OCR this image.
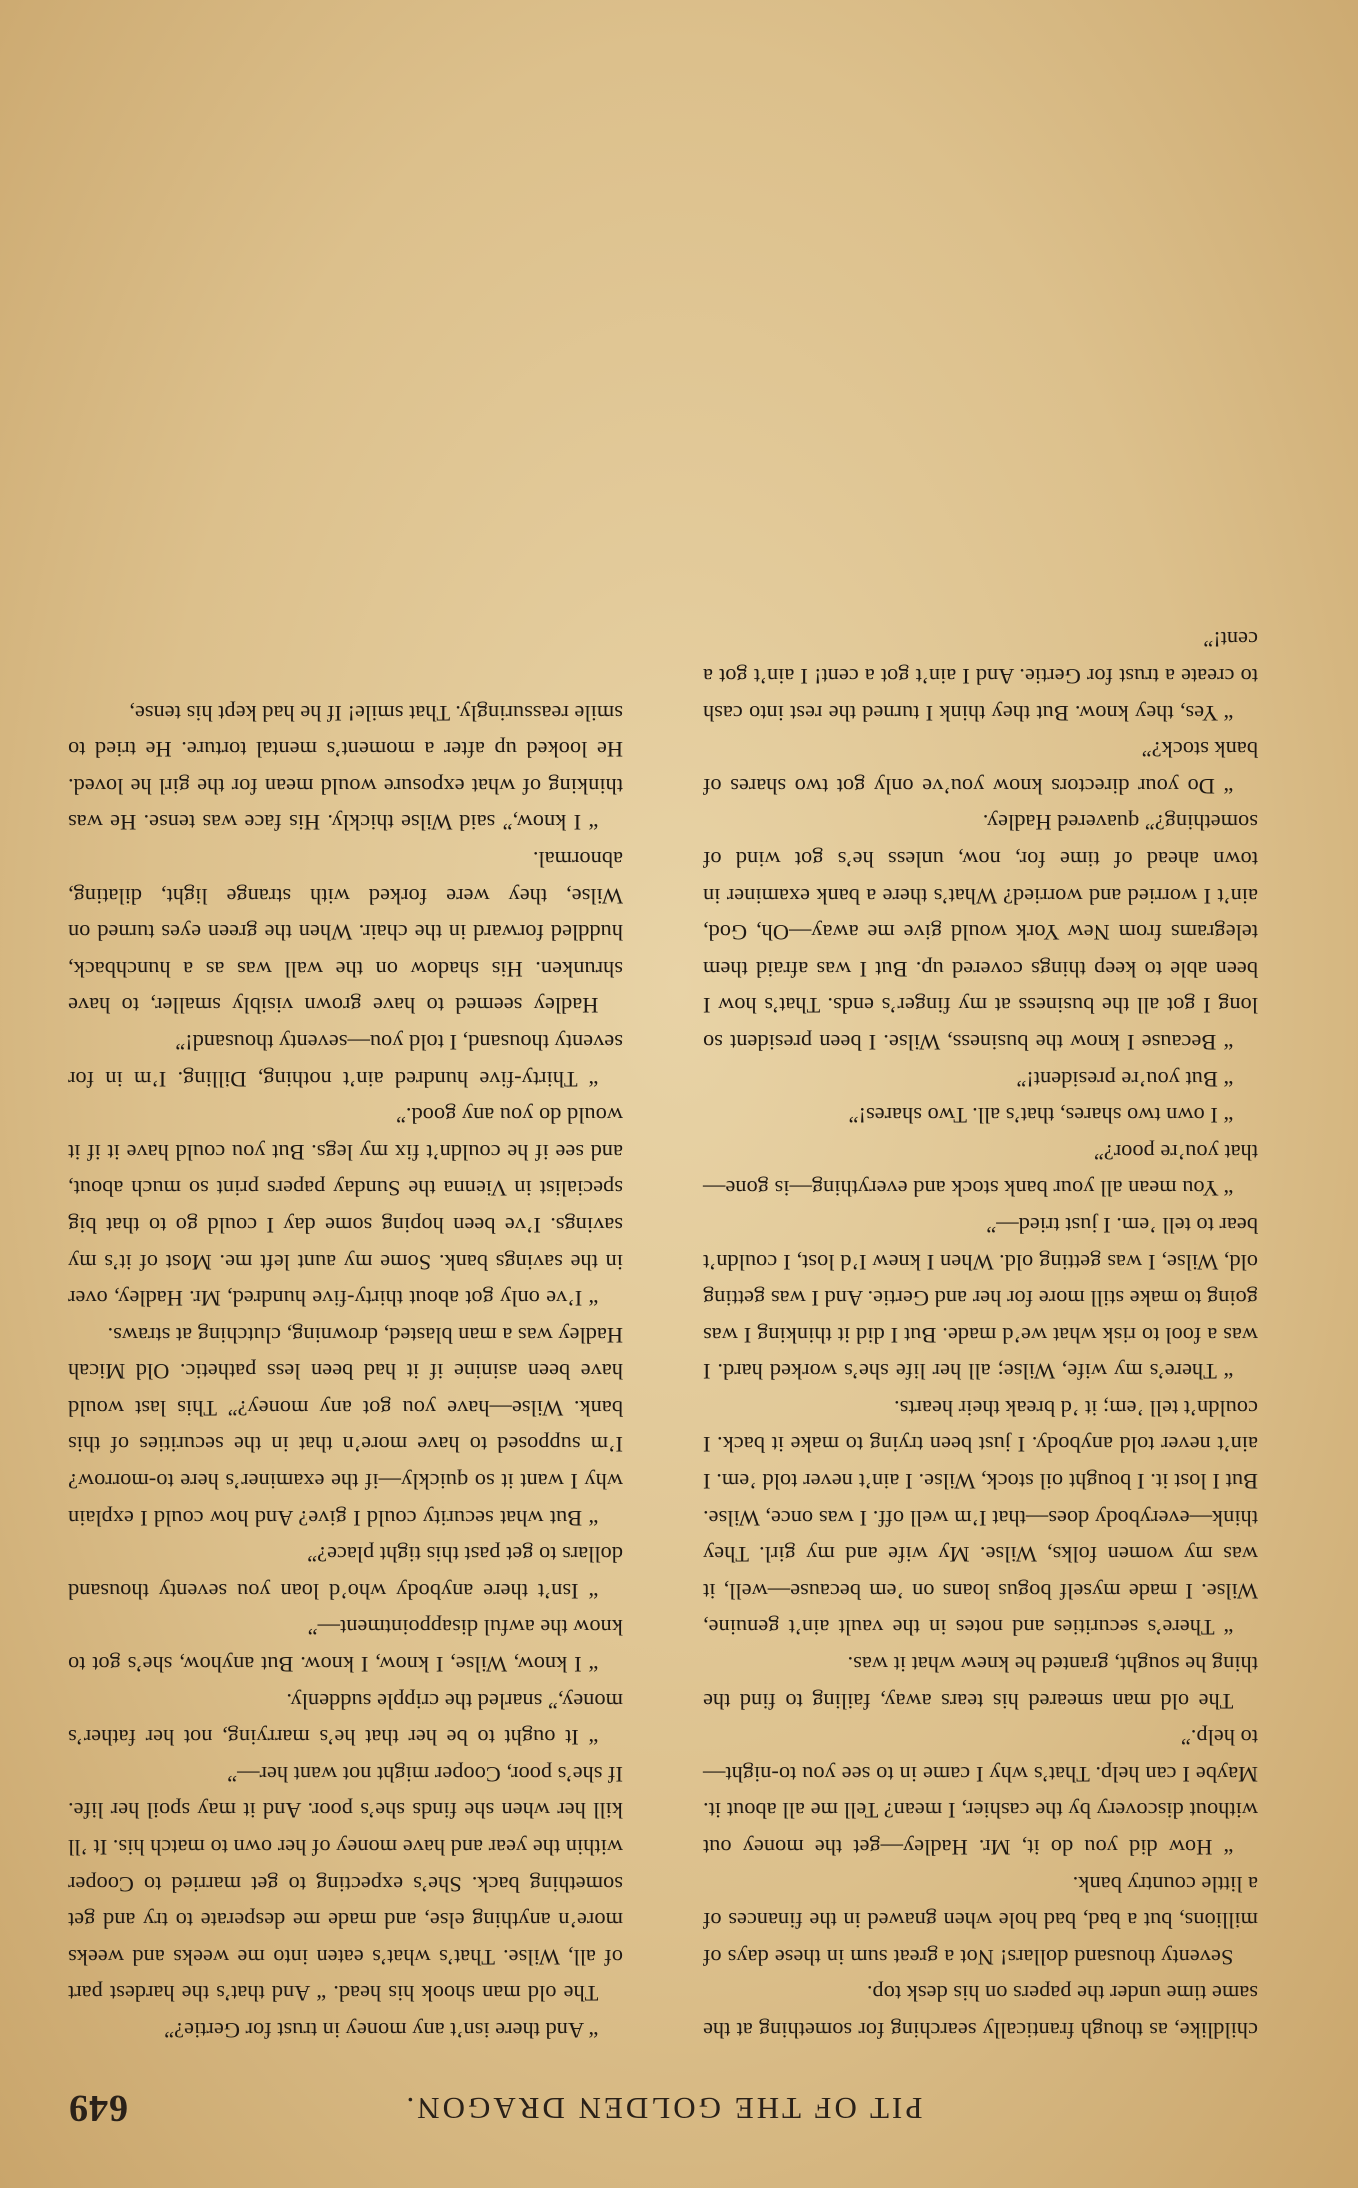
PIT OF THE GOLDEN DRAGON.
649

childlike, as though frantically searching for something at the same time under the papers on his desk top.

Seventy thousand dollars! Not a great sum in these days of millions, but a bad, bad hole when gnawed in the finances of a little country bank.

“ How did you do it, Mr. Hadley—get the money out without discovery by the cashier, I mean? Tell me all about it. Maybe I can help. That’s why I came in to see you to-night—to help.”

The old man smeared his tears away, failing to find the thing he sought, granted he knew what it was.

“ There’s securities and notes in the vault ain’t genuine, Wilse. I made myself bogus loans on ’em because—well, it was my women folks, Wilse. My wife and my girl. They think—everybody does—that I’m well off. I was once, Wilse. But I lost it. I bought oil stock, Wilse. I ain’t never told ’em. I ain’t never told anybody. I just been trying to make it back. I couldn’t tell ’em; it ’d break their hearts.

“ There’s my wife, Wilse; all her life she’s worked hard. I was a fool to risk what we’d made. But I did it thinking I was going to make still more for her and Gertie. And I was getting old, Wilse, I was getting old. When I knew I’d lost, I couldn’t bear to tell ’em. I just tried—”

“ You mean all your bank stock and everything—is gone—that you’re poor?”

“ I own two shares, that’s all. Two shares!”

“ But you’re president!”

“ Because I know the business, Wilse. I been president so long I got all the business at my finger’s ends. That’s how I been able to keep things covered up. But I was afraid them telegrams from New York would give me away—Oh, God, ain’t I worried and worried? What’s there a bank examiner in town ahead of time for, now, unless he’s got wind of something?” quavered Hadley.

“ Do your directors know you’ve only got two shares of bank stock?”

“ Yes, they know. But they think I turned the rest into cash to create a trust for Gertie. And I ain’t got a cent! I ain’t got a cent!”

“ And there isn’t any money in trust for Gertie?”

The old man shook his head. “ And that’s the hardest part of all, Wilse. That’s what’s eaten into me weeks and weeks more’n anything else, and made me desperate to try and get something back. She’s expecting to get married to Cooper within the year and have money of her own to match his. It ’ll kill her when she finds she’s poor. And it may spoil her life. If she’s poor, Cooper might not want her—”

“ It ought to be her that he’s marrying, not her father’s money,” snarled the cripple suddenly.

“ I know, Wilse, I know, I know. But anyhow, she’s got to know the awful disappointment—”

“ Isn’t there anybody who’d loan you seventy thousand dollars to get past this tight place?”

“ But what security could I give? And how could I explain why I want it so quickly—if the examiner’s here to-morrow? I’m supposed to have more’n that in the securities of this bank. Wilse—have you got any money?” This last would have been asinine if it had been less pathetic. Old Micah Hadley was a man blasted, drowning, clutching at straws.

“ I’ve only got about thirty-five hundred, Mr. Hadley, over in the savings bank. Some my aunt left me. Most of it’s my savings. I’ve been hoping some day I could go to that big specialist in Vienna the Sunday papers print so much about, and see if he couldn’t fix my legs. But you could have it if it would do you any good.”

“ Thirty-five hundred ain’t nothing, Dilling. I’m in for seventy thousand, I told you—seventy thousand!”

Hadley seemed to have grown visibly smaller, to have shrunken. His shadow on the wall was as a hunchback, huddled forward in the chair. When the green eyes turned on Wilse, they were forked with strange light, dilating, abnormal.

“ I know,” said Wilse thickly. His face was tense. He was thinking of what exposure would mean for the girl he loved. He looked up after a moment’s mental torture. He tried to smile reassuringly. That smile! If he had kept his tense,
